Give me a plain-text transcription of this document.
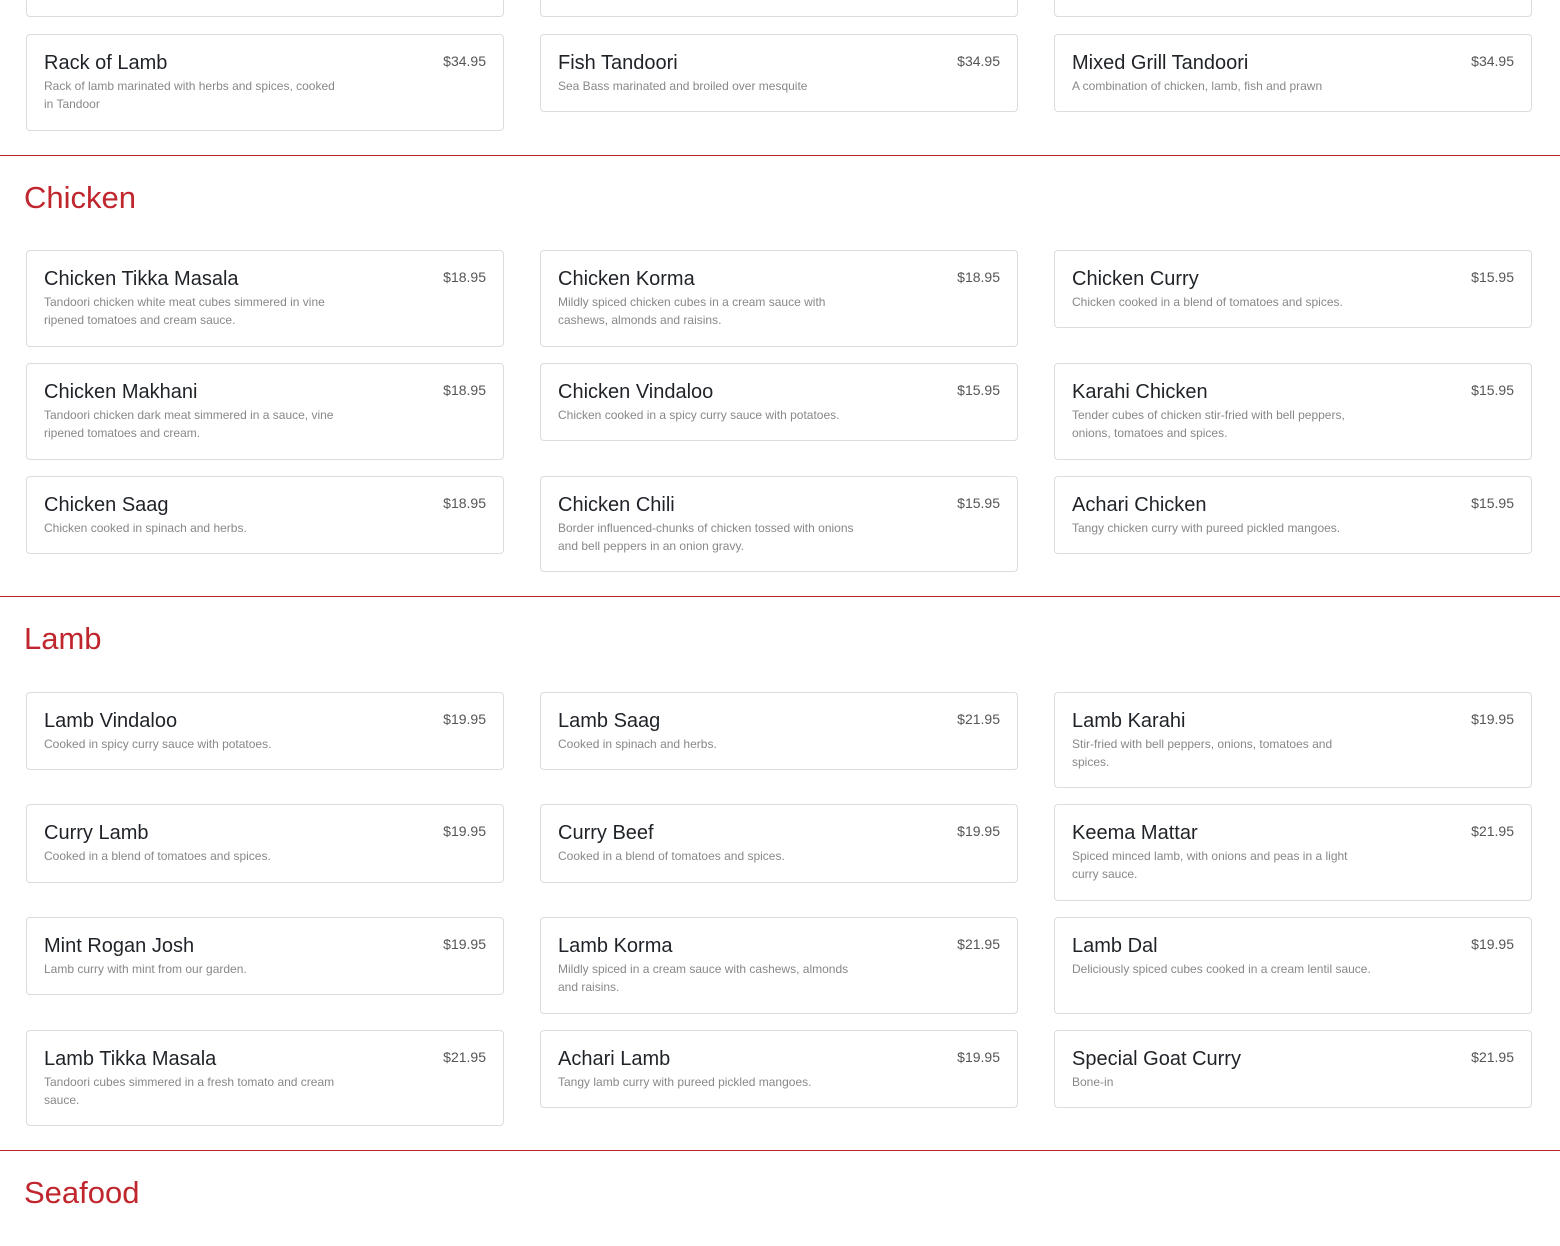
Rack of Lamb	$34.95
Rack of lamb marinated with herbs and spices, cooked in Tandoor
Fish Tandoori	$34.95
Sea Bass marinated and broiled over mesquite
Mixed Grill Tandoori	$34.95
A combination of chicken, lamb, fish and prawn
Chicken
Chicken Tikka Masala	$18.95
Tandoori chicken white meat cubes simmered in vine ripened tomatoes and cream sauce.
Chicken Korma	$18.95
Mildly spiced chicken cubes in a cream sauce with cashews, almonds and raisins.
Chicken Curry	$15.95
Chicken cooked in a blend of tomatoes and spices.
Chicken Makhani	$18.95
Tandoori chicken dark meat simmered in a sauce, vine ripened tomatoes and cream.
Chicken Vindaloo	$15.95
Chicken cooked in a spicy curry sauce with potatoes.
Karahi Chicken	$15.95
Tender cubes of chicken stir-fried with bell peppers, onions, tomatoes and spices.
Chicken Saag	$18.95
Chicken cooked in spinach and herbs.
Chicken Chili	$15.95
Border influenced-chunks of chicken tossed with onions and bell peppers in an onion gravy.
Achari Chicken	$15.95
Tangy chicken curry with pureed pickled mangoes.
Lamb
Lamb Vindaloo	$19.95
Cooked in spicy curry sauce with potatoes.
Lamb Saag	$21.95
Cooked in spinach and herbs.
Lamb Karahi	$19.95
Stir-fried with bell peppers, onions, tomatoes and spices.
Curry Lamb	$19.95
Cooked in a blend of tomatoes and spices.
Curry Beef	$19.95
Cooked in a blend of tomatoes and spices.
Keema Mattar	$21.95
Spiced minced lamb, with onions and peas in a light curry sauce.
Mint Rogan Josh	$19.95
Lamb curry with mint from our garden.
Lamb Korma	$21.95
Mildly spiced in a cream sauce with cashews, almonds and raisins.
Lamb Dal	$19.95
Deliciously spiced cubes cooked in a cream lentil sauce.
Lamb Tikka Masala	$21.95
Tandoori cubes simmered in a fresh tomato and cream sauce.
Achari Lamb	$19.95
Tangy lamb curry with pureed pickled mangoes.
Special Goat Curry	$21.95
Bone-in
Seafood
